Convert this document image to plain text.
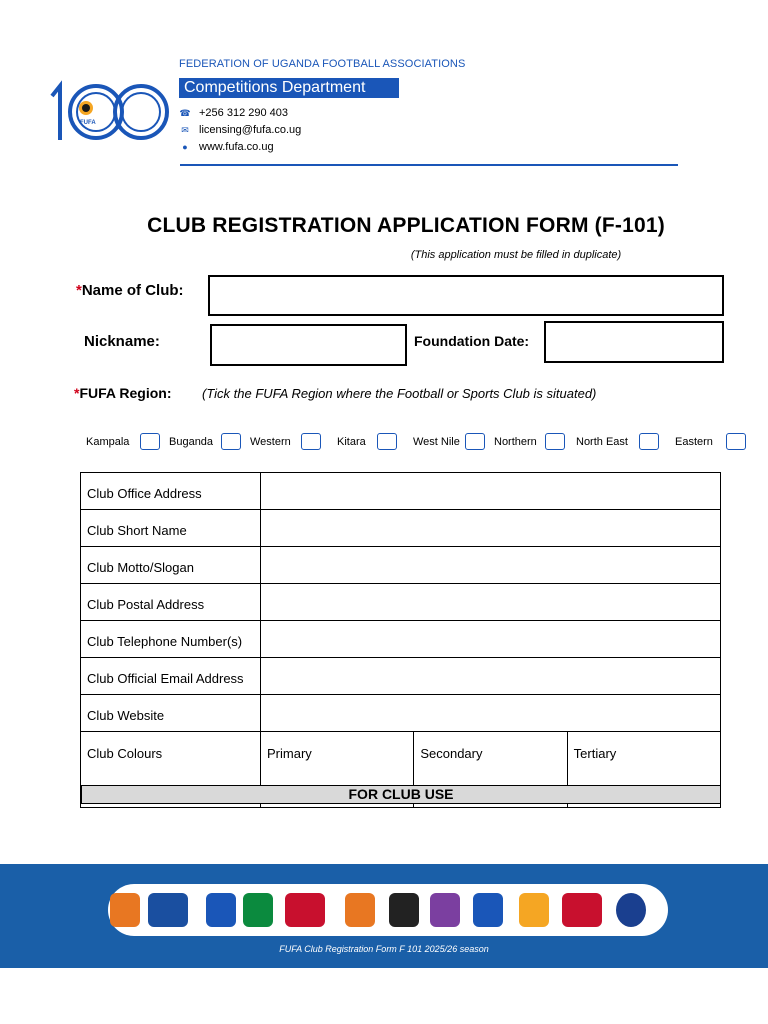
FUFA
FEDERATION OF UGANDA FOOTBALL ASSOCIATIONS
Competitions Department
☎ +256 312 290 403
✉ licensing@fufa.co.ug
● www.fufa.co.ug
CLUB REGISTRATION APPLICATION FORM (F-101)
(This application must be filled in duplicate)
*Name of Club:
Nickname:	Foundation Date:
*FUFA Region: (Tick the FUFA Region where the Football or Sports Club is situated)
Kampala	Buganda	Western	Kitara	West Nile	Northern	North East	Eastern
Club Office Address			
Club Short Name			
Club Motto/Slogan			
Club Postal Address			
Club Telephone Number(s)			
Club Official Email Address			
Club Website			
Club Colours	Primary	Secondary	Tertiary
FOR CLUB USE
FUFA Club Registration Form F 101 2025/26 season
